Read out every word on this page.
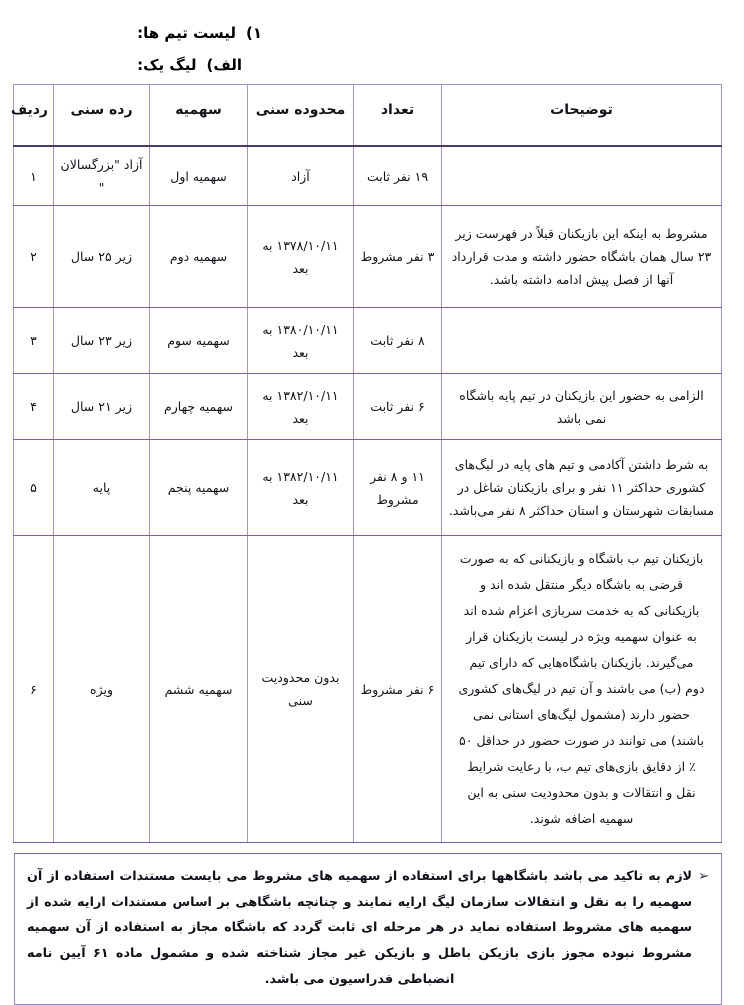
۱)
لیست تیم ها:
الف)
لیگ یک:
توضیحات	تعداد	محدوده سنی	سهمیه	رده سنی	ردیف
	۱۹ نفر ثابت	آزاد	سهمیه اول	آزاد "بزرگسالان "	۱
مشروط به اینکه این بازیکنان قبلاً در فهرست زیر ۲۳ سال همان باشگاه حضور داشته و مدت قرارداد آنها از فصل پیش ادامه داشته باشد.	۳ نفر مشروط	۱۳۷۸/۱۰/۱۱ به بعد	سهمیه دوم	زیر ۲۵ سال	۲
	۸ نفر ثابت	۱۳۸۰/۱۰/۱۱ به بعد	سهمیه سوم	زیر ۲۳ سال	۳
الزامی به حضور این بازیکنان در تیم پایه باشگاه نمی باشد	۶ نفر ثابت	۱۳۸۲/۱۰/۱۱ به بعد	سهمیه چهارم	زیر ۲۱ سال	۴
به شرط داشتن آکادمی و تیم های پایه در لیگ‌های کشوری حداکثر ۱۱ نفر و برای بازیکنان شاغل در مسابقات شهرستان و استان حداکثر ۸ نفر می‌باشد.	۱۱ و ۸ نفر مشروط	۱۳۸۲/۱۰/۱۱ به بعد	سهمیه پنجم	پایه	۵
بازیکنان تیم ب باشگاه و بازیکنانی که به صورت قرضی به باشگاه دیگر منتقل شده اند و بازیکنانی که به خدمت سربازی اعزام شده اند به عنوان سهمیه ویژه در لیست بازیکنان قرار می‌گیرند. بازیکنان باشگاه‌هایی که دارای تیم دوم (ب) می باشند و آن تیم در لیگ‌های کشوری حضور دارند (مشمول لیگ‌های استانی نمی باشند) می توانند در صورت حضور در حداقل ۵۰ ٪ از دقایق بازی‌های تیم ب، با رعایت شرایط نقل و انتقالات و بدون محدودیت سنی به این سهمیه اضافه شوند.	۶ نفر مشروط	بدون محدودیت سنی	سهمیه ششم	ویژه	۶
➢
لازم به تاکید می باشد باشگاهها برای استفاده از سهمیه های مشروط می بایست مستندات استفاده از آن سهمیه را به نقل و انتقالات سازمان لیگ ارایه نمایند و چنانچه باشگاهی بر اساس مستندات ارایه شده از سهمیه های مشروط استفاده نماید در هر مرحله ای ثابت گردد که باشگاه مجاز به استفاده از آن سهمیه مشروط نبوده مجوز بازی بازیکن باطل و بازیکن غیر مجاز شناخته شده و مشمول ماده ۶۱ آیین نامه انضباطی فدراسیون می باشد.
